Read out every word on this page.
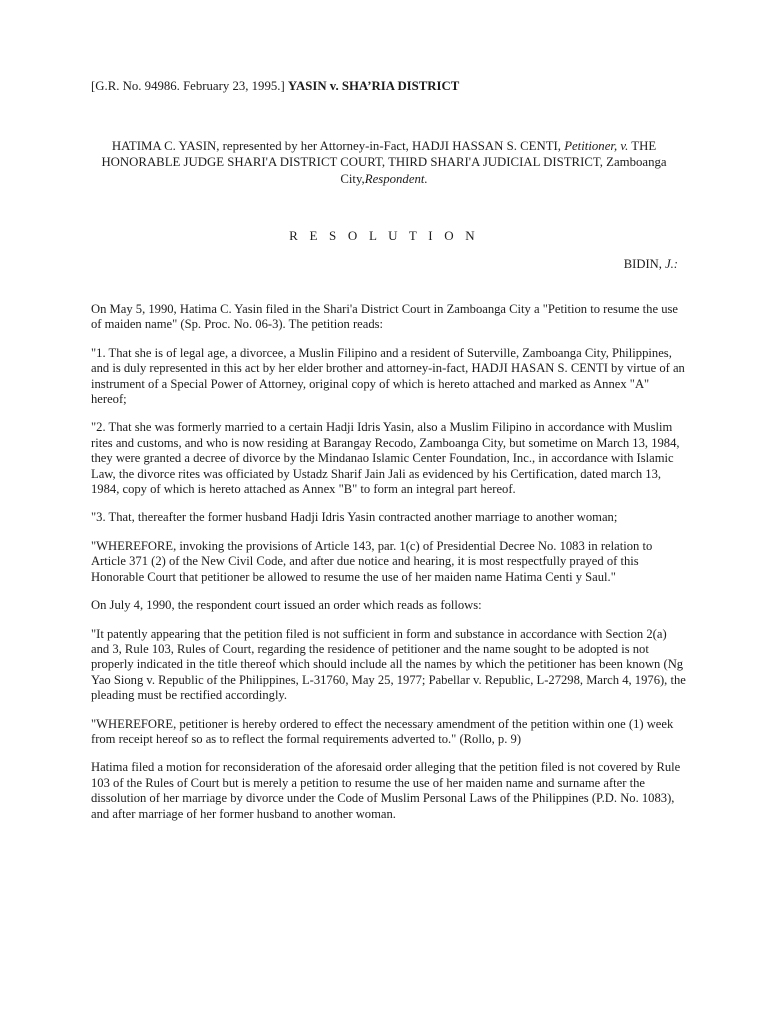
[G.R. No. 94986. February 23, 1995.] YASIN v. SHA’RIA DISTRICT
HATIMA C. YASIN, represented by her Attorney-in-Fact, HADJI HASSAN S. CENTI, Petitioner, v. THE HONORABLE JUDGE SHARI'A DISTRICT COURT, THIRD SHARI'A JUDICIAL DISTRICT, Zamboanga City,Respondent.
R E S O L U T I O N
BIDIN, J.:

On May 5, 1990, Hatima C. Yasin filed in the Shari'a District Court in Zamboanga City a "Petition to resume the use of maiden name" (Sp. Proc. No. 06-3). The petition reads:

"1. That she is of legal age, a divorcee, a Muslin Filipino and a resident of Suterville, Zamboanga City, Philippines, and is duly represented in this act by her elder brother and attorney-in-fact, HADJI HASAN S. CENTI by virtue of an instrument of a Special Power of Attorney, original copy of which is hereto attached and marked as Annex "A" hereof;

"2. That she was formerly married to a certain Hadji Idris Yasin, also a Muslim Filipino in accordance with Muslim rites and customs, and who is now residing at Barangay Recodo, Zamboanga City, but sometime on March 13, 1984, they were granted a decree of divorce by the Mindanao Islamic Center Foundation, Inc., in accordance with Islamic Law, the divorce rites was officiated by Ustadz Sharif Jain Jali as evidenced by his Certification, dated march 13, 1984, copy of which is hereto attached as Annex "B" to form an integral part hereof.

"3. That, thereafter the former husband Hadji Idris Yasin contracted another marriage to another woman;

"WHEREFORE, invoking the provisions of Article 143, par. 1(c) of Presidential Decree No. 1083 in relation to Article 371 (2) of the New Civil Code, and after due notice and hearing, it is most respectfully prayed of this Honorable Court that petitioner be allowed to resume the use of her maiden name Hatima Centi y Saul."

On July 4, 1990, the respondent court issued an order which reads as follows:

"It patently appearing that the petition filed is not sufficient in form and substance in accordance with Section 2(a) and 3, Rule 103, Rules of Court, regarding the residence of petitioner and the name sought to be adopted is not properly indicated in the title thereof which should include all the names by which the petitioner has been known (Ng Yao Siong v. Republic of the Philippines, L-31760, May 25, 1977; Pabellar v. Republic, L-27298, March 4, 1976), the pleading must be rectified accordingly.

"WHEREFORE, petitioner is hereby ordered to effect the necessary amendment of the petition within one (1) week from receipt hereof so as to reflect the formal requirements adverted to." (Rollo, p. 9)

Hatima filed a motion for reconsideration of the aforesaid order alleging that the petition filed is not covered by Rule 103 of the Rules of Court but is merely a petition to resume the use of her maiden name and surname after the dissolution of her marriage by divorce under the Code of Muslim Personal Laws of the Philippines (P.D. No. 1083), and after marriage of her former husband to another woman.
